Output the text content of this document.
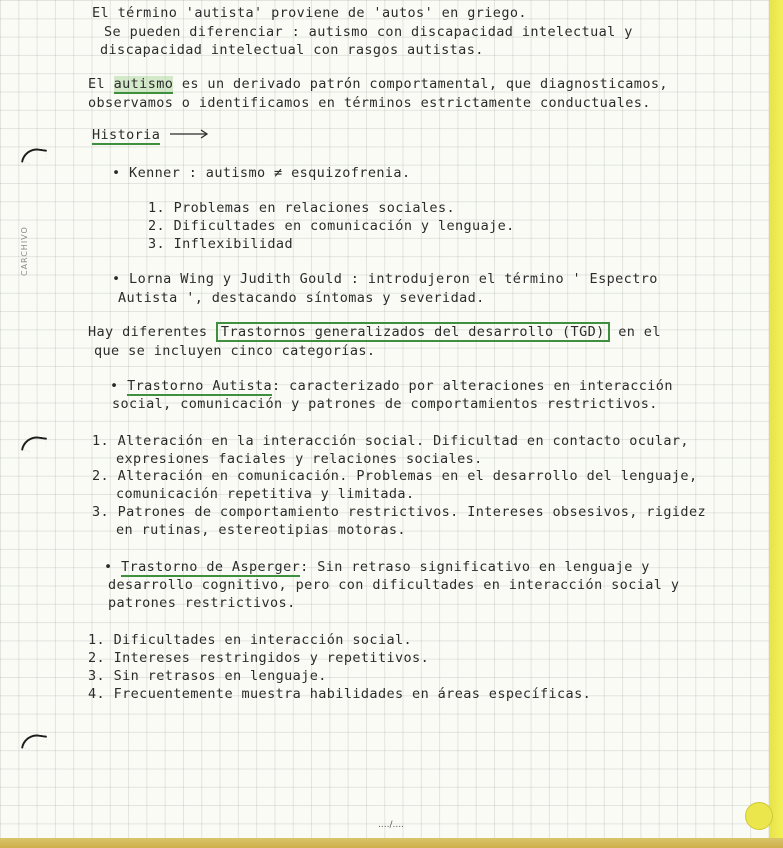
CARCHIVO
El término 'autista' proviene de 'autos' en griego.
Se pueden diferenciar : autismo con discapacidad intelectual y
discapacidad intelectual con rasgos autistas.
El autismo es un derivado patrón comportamental, que diagnosticamos,
observamos o identificamos en términos estrictamente conductuales.
Historia
• Kenner : autismo ≠ esquizofrenia.
1. Problemas en relaciones sociales.
2. Dificultades en comunicación y lenguaje.
3. Inflexibilidad
• Lorna Wing y Judith Gould : introdujeron el término ' Espectro
Autista ', destacando síntomas y severidad.
Hay diferentes Trastornos generalizados del desarrollo (TGD) en el
que se incluyen cinco categorías.
• Trastorno Autista: caracterizado por alteraciones en interacción
social, comunicación y patrones de comportamientos restrictivos.
1. Alteración en la interacción social. Dificultad en contacto ocular,
expresiones faciales y relaciones sociales.
2. Alteración en comunicación. Problemas en el desarrollo del lenguaje,
comunicación repetitiva y limitada.
3. Patrones de comportamiento restrictivos. Intereses obsesivos, rigidez
en rutinas, estereotipias motoras.
• Trastorno de Asperger: Sin retraso significativo en lenguaje y
desarrollo cognitivo, pero con dificultades en interacción social y
patrones restrictivos.
1. Dificultades en interacción social.
2. Intereses restringidos y repetitivos.
3. Sin retrasos en lenguaje.
4. Frecuentemente muestra habilidades en áreas específicas.
..../....
